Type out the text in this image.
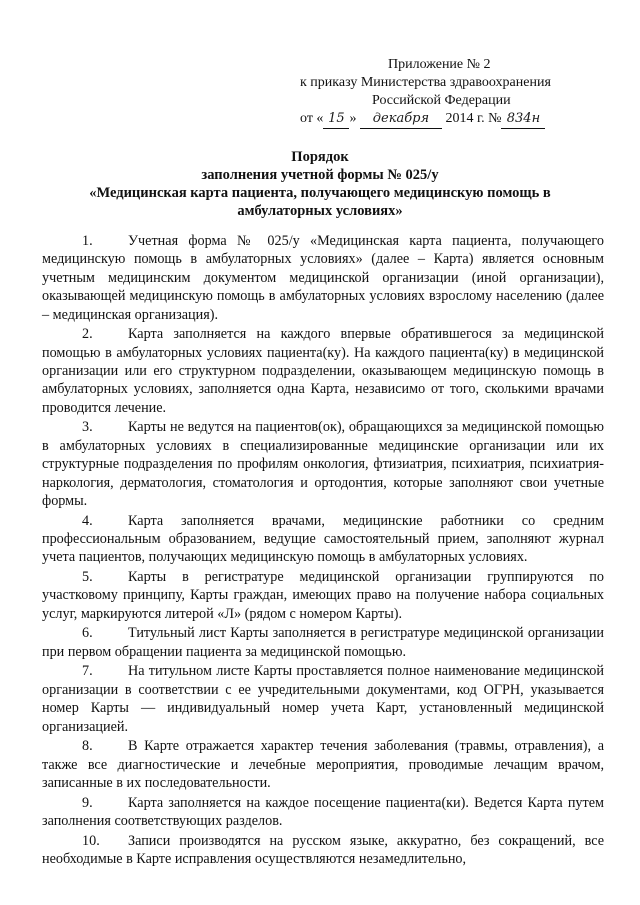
Приложение № 2
к приказу Министерства здравоохранения
Российской Федерации
от « 15 » декабря 2014 г. № 834н
Порядок
заполнения учетной формы № 025/у
«Медицинская карта пациента, получающего медицинскую помощь в
амбулаторных условиях»

1. Учетная форма № 025/у «Медицинская карта пациента, получающего медицинскую помощь в амбулаторных условиях» (далее – Карта) является основным учетным медицинским документом медицинской организации (иной организации), оказывающей медицинскую помощь в амбулаторных условиях взрослому населению (далее – медицинская организация).

2. Карта заполняется на каждого впервые обратившегося за медицинской помощью в амбулаторных условиях пациента(ку). На каждого пациента(ку) в медицинской организации или его структурном подразделении, оказывающем медицинскую помощь в амбулаторных условиях, заполняется одна Карта, независимо от того, сколькими врачами проводится лечение.

3. Карты не ведутся на пациентов(ок), обращающихся за медицинской помощью в амбулаторных условиях в специализированные медицинские организации или их структурные подразделения по профилям онкология, фтизиатрия, психиатрия, психиатрия-наркология, дерматология, стоматология и ортодонтия, которые заполняют свои учетные формы.

4. Карта заполняется врачами, медицинские работники со средним профессиональным образованием, ведущие самостоятельный прием, заполняют журнал учета пациентов, получающих медицинскую помощь в амбулаторных условиях.

5. Карты в регистратуре медицинской организации группируются по участковому принципу, Карты граждан, имеющих право на получение набора социальных услуг, маркируются литерой «Л» (рядом с номером Карты).

6. Титульный лист Карты заполняется в регистратуре медицинской организации при первом обращении пациента за медицинской помощью.

7. На титульном листе Карты проставляется полное наименование медицинской организации в соответствии с ее учредительными документами, код ОГРН, указывается номер Карты — индивидуальный номер учета Карт, установленный медицинской организацией.

8. В Карте отражается характер течения заболевания (травмы, отравления), а также все диагностические и лечебные мероприятия, проводимые лечащим врачом, записанные в их последовательности.

9. Карта заполняется на каждое посещение пациента(ки). Ведется Карта путем заполнения соответствующих разделов.

10. Записи производятся на русском языке, аккуратно, без сокращений, все необходимые в Карте исправления осуществляются незамедлительно,
